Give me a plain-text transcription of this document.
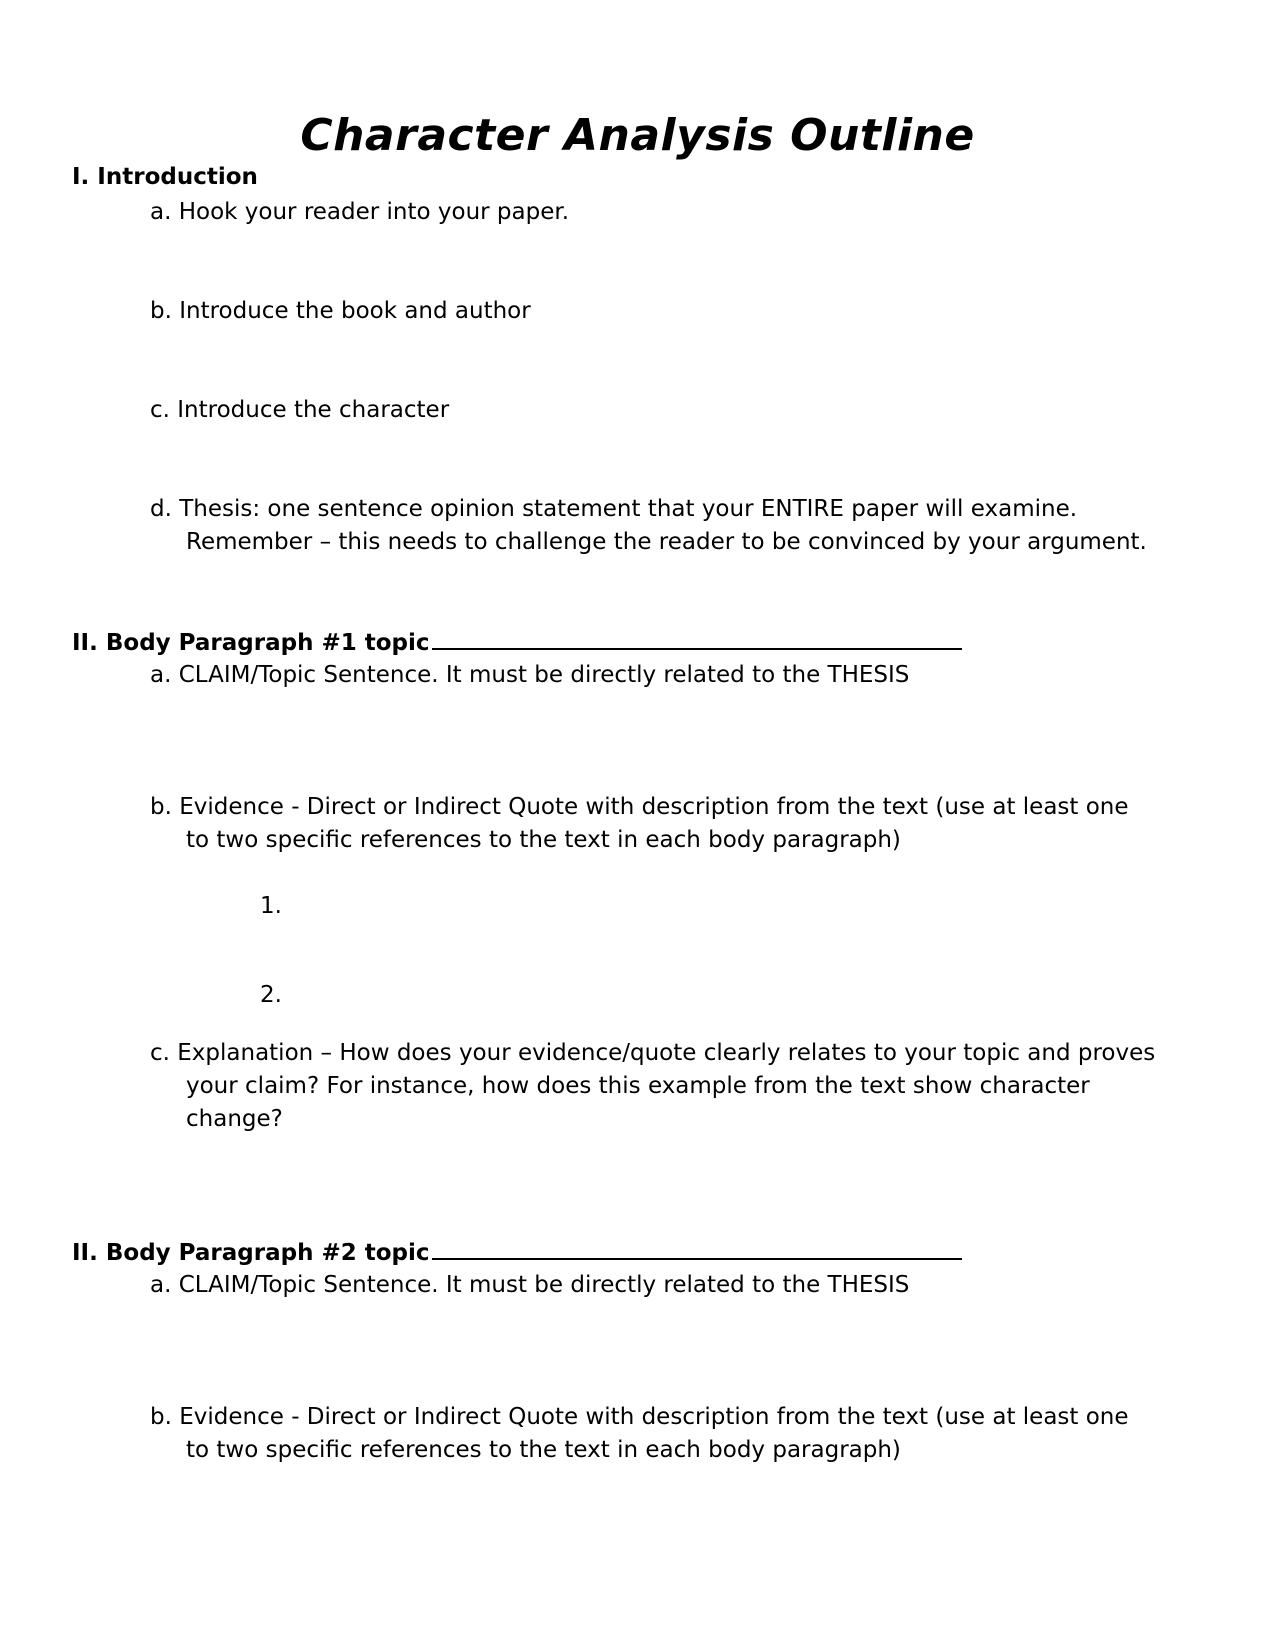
Character Analysis Outline
I. Introduction
a. Hook your reader into your paper.
b. Introduce the book and author
c. Introduce the character
d. Thesis: one sentence opinion statement that your ENTIRE paper will examine.
Remember – this needs to challenge the reader to be convinced by your argument.
II. Body Paragraph #1 topic
a. CLAIM/Topic Sentence. It must be directly related to the THESIS
b. Evidence - Direct or Indirect Quote with description from the text (use at least one
to two specific references to the text in each body paragraph)
1.
2.
c. Explanation – How does your evidence/quote clearly relates to your topic and proves
your claim? For instance, how does this example from the text show character
change?
II. Body Paragraph #2 topic
a. CLAIM/Topic Sentence. It must be directly related to the THESIS
b. Evidence - Direct or Indirect Quote with description from the text (use at least one
to two specific references to the text in each body paragraph)
